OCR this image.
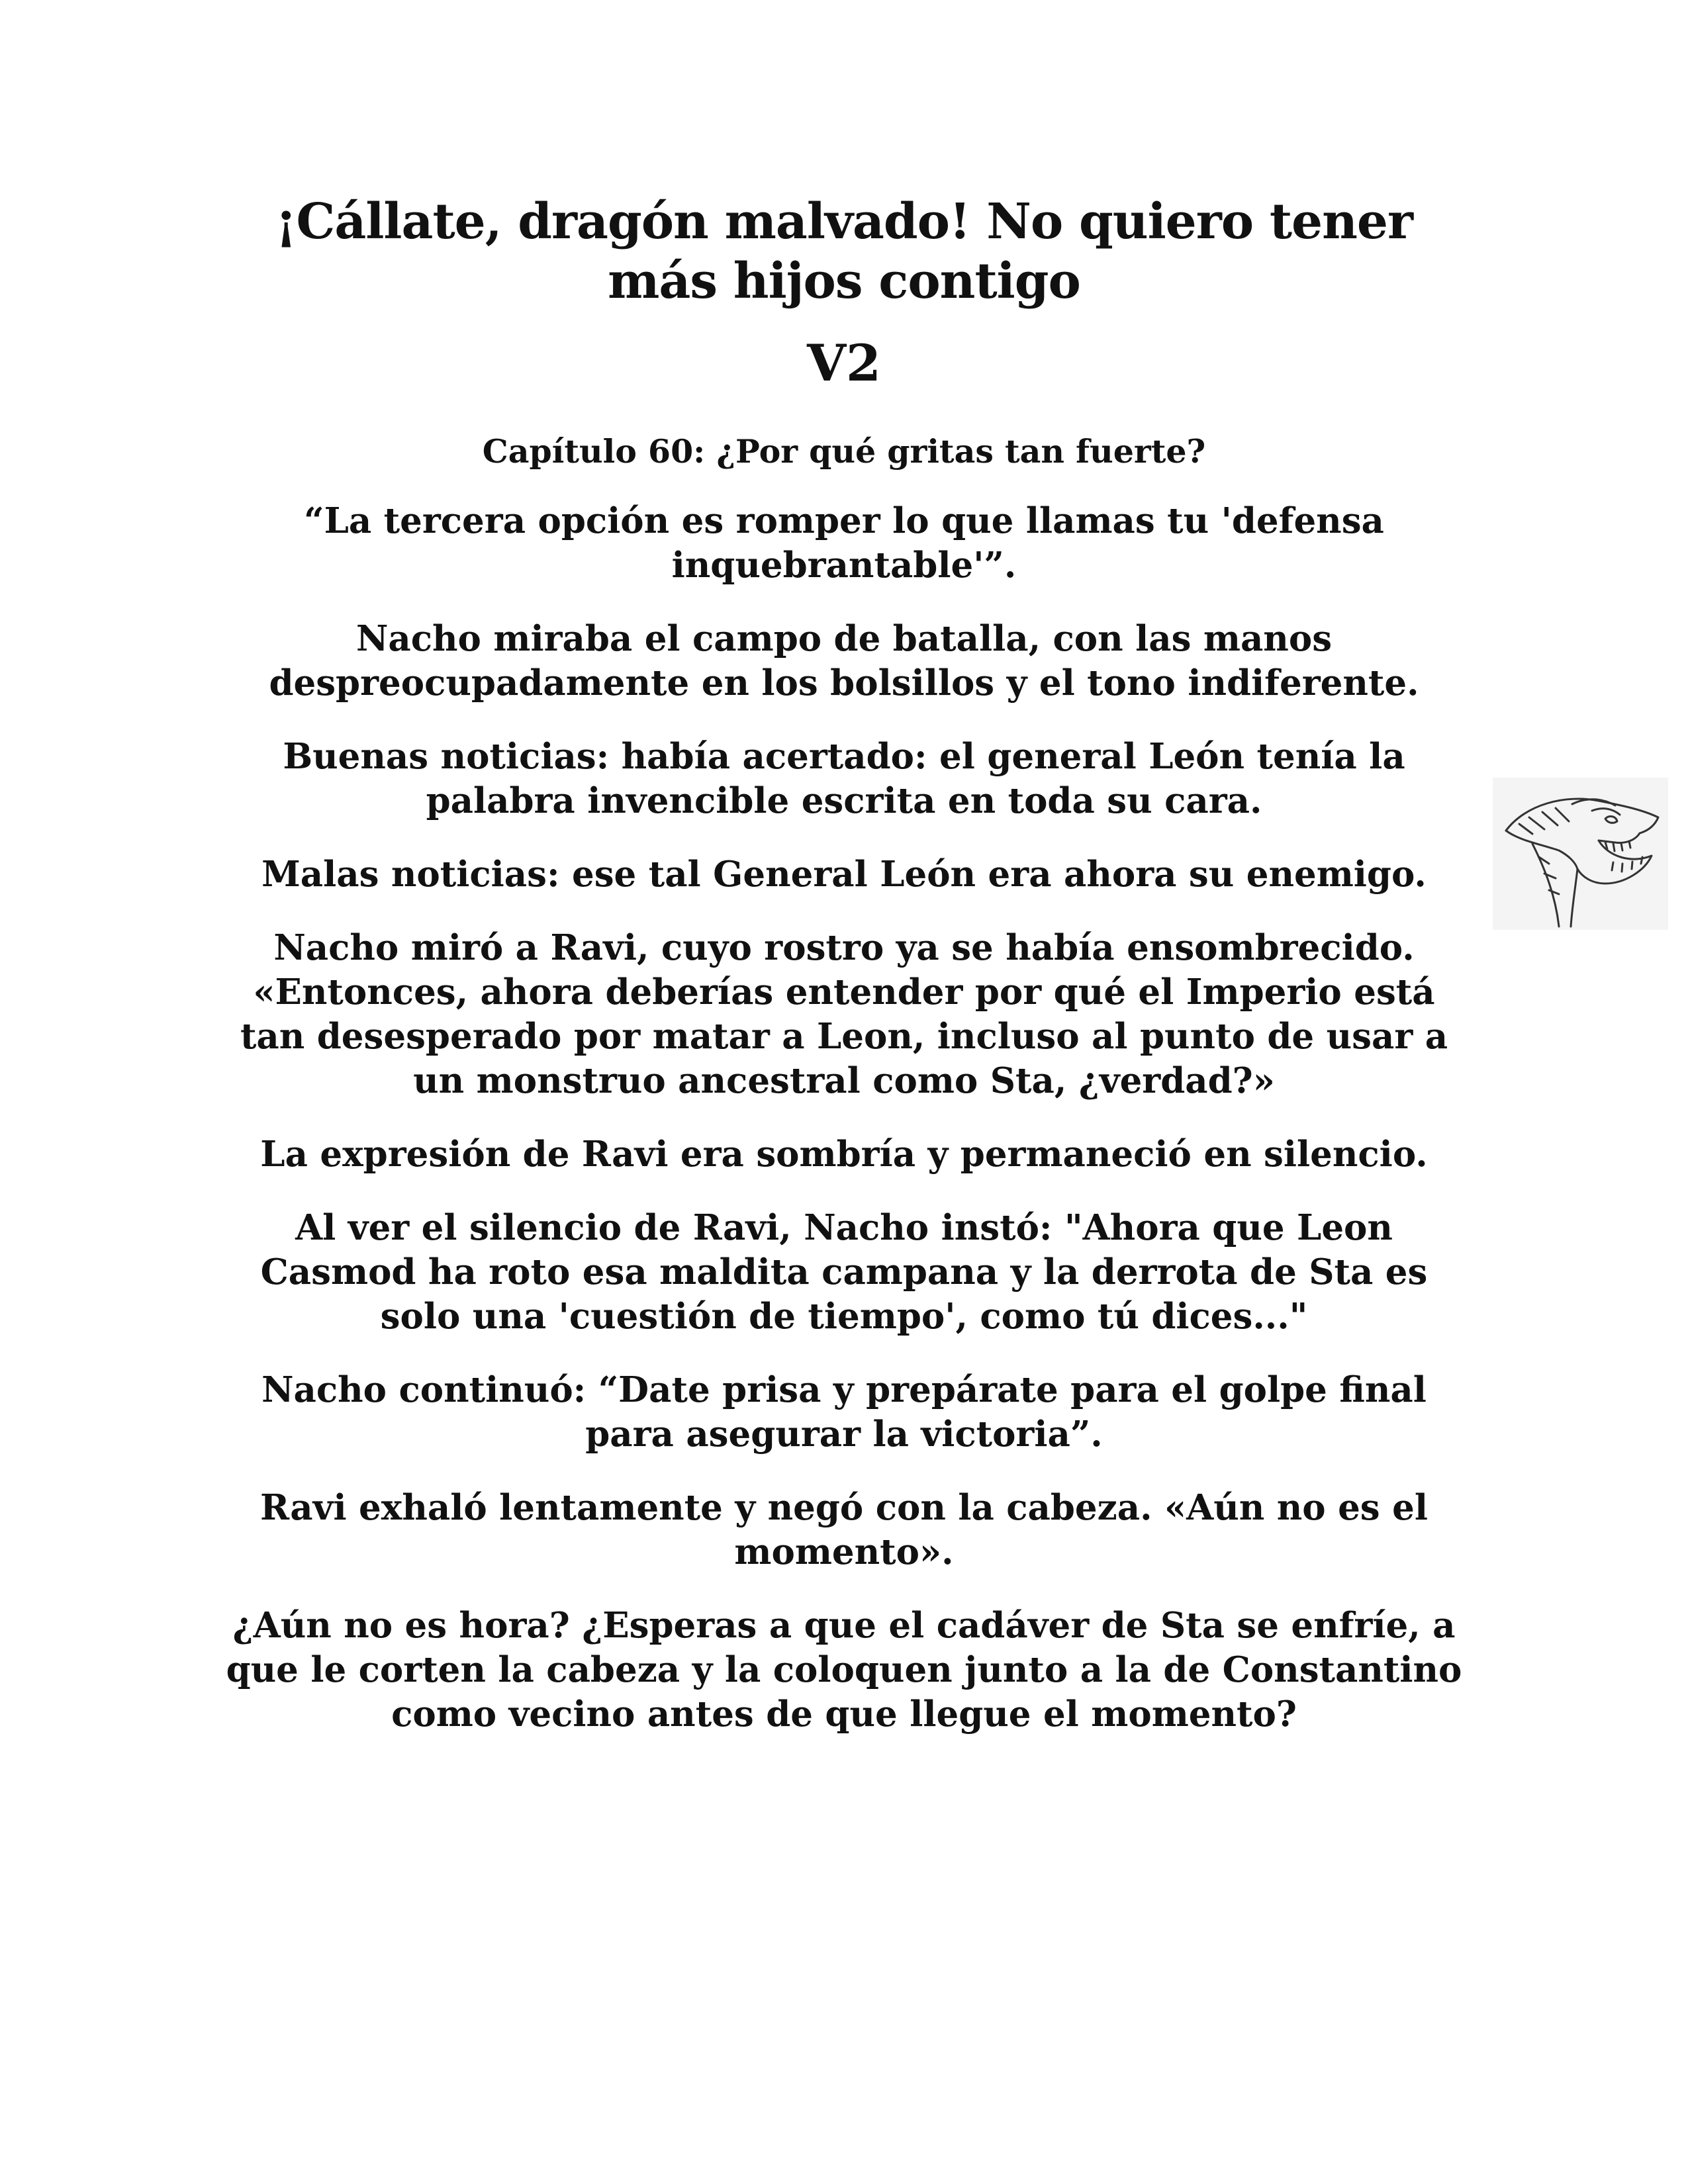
¡Cállate, dragón malvado! No quiero tener más hijos contigo
V2
Capítulo 60: ¿Por qué gritas tan fuerte?

“La tercera opción es romper lo que llamas tu 'defensa inquebrantable'”.

Nacho miraba el campo de batalla, con las manos despreocupadamente en los bolsillos y el tono indiferente.

Buenas noticias: había acertado: el general León tenía la palabra invencible escrita en toda su cara.

Malas noticias: ese tal General León era ahora su enemigo.

Nacho miró a Ravi, cuyo rostro ya se había ensombrecido. «Entonces, ahora deberías entender por qué el Imperio está tan desesperado por matar a Leon, incluso al punto de usar a un monstruo ancestral como Sta, ¿verdad?»

La expresión de Ravi era sombría y permaneció en silencio.

Al ver el silencio de Ravi, Nacho instó: "Ahora que Leon Casmod ha roto esa maldita campana y la derrota de Sta es solo una 'cuestión de tiempo', como tú dices..."

Nacho continuó: “Date prisa y prepárate para el golpe final para asegurar la victoria”.

Ravi exhaló lentamente y negó con la cabeza. «Aún no es el momento».

¿Aún no es hora? ¿Esperas a que el cadáver de Sta se enfríe, a que le corten la cabeza y la coloquen junto a la de Constantino como vecino antes de que llegue el momento?
